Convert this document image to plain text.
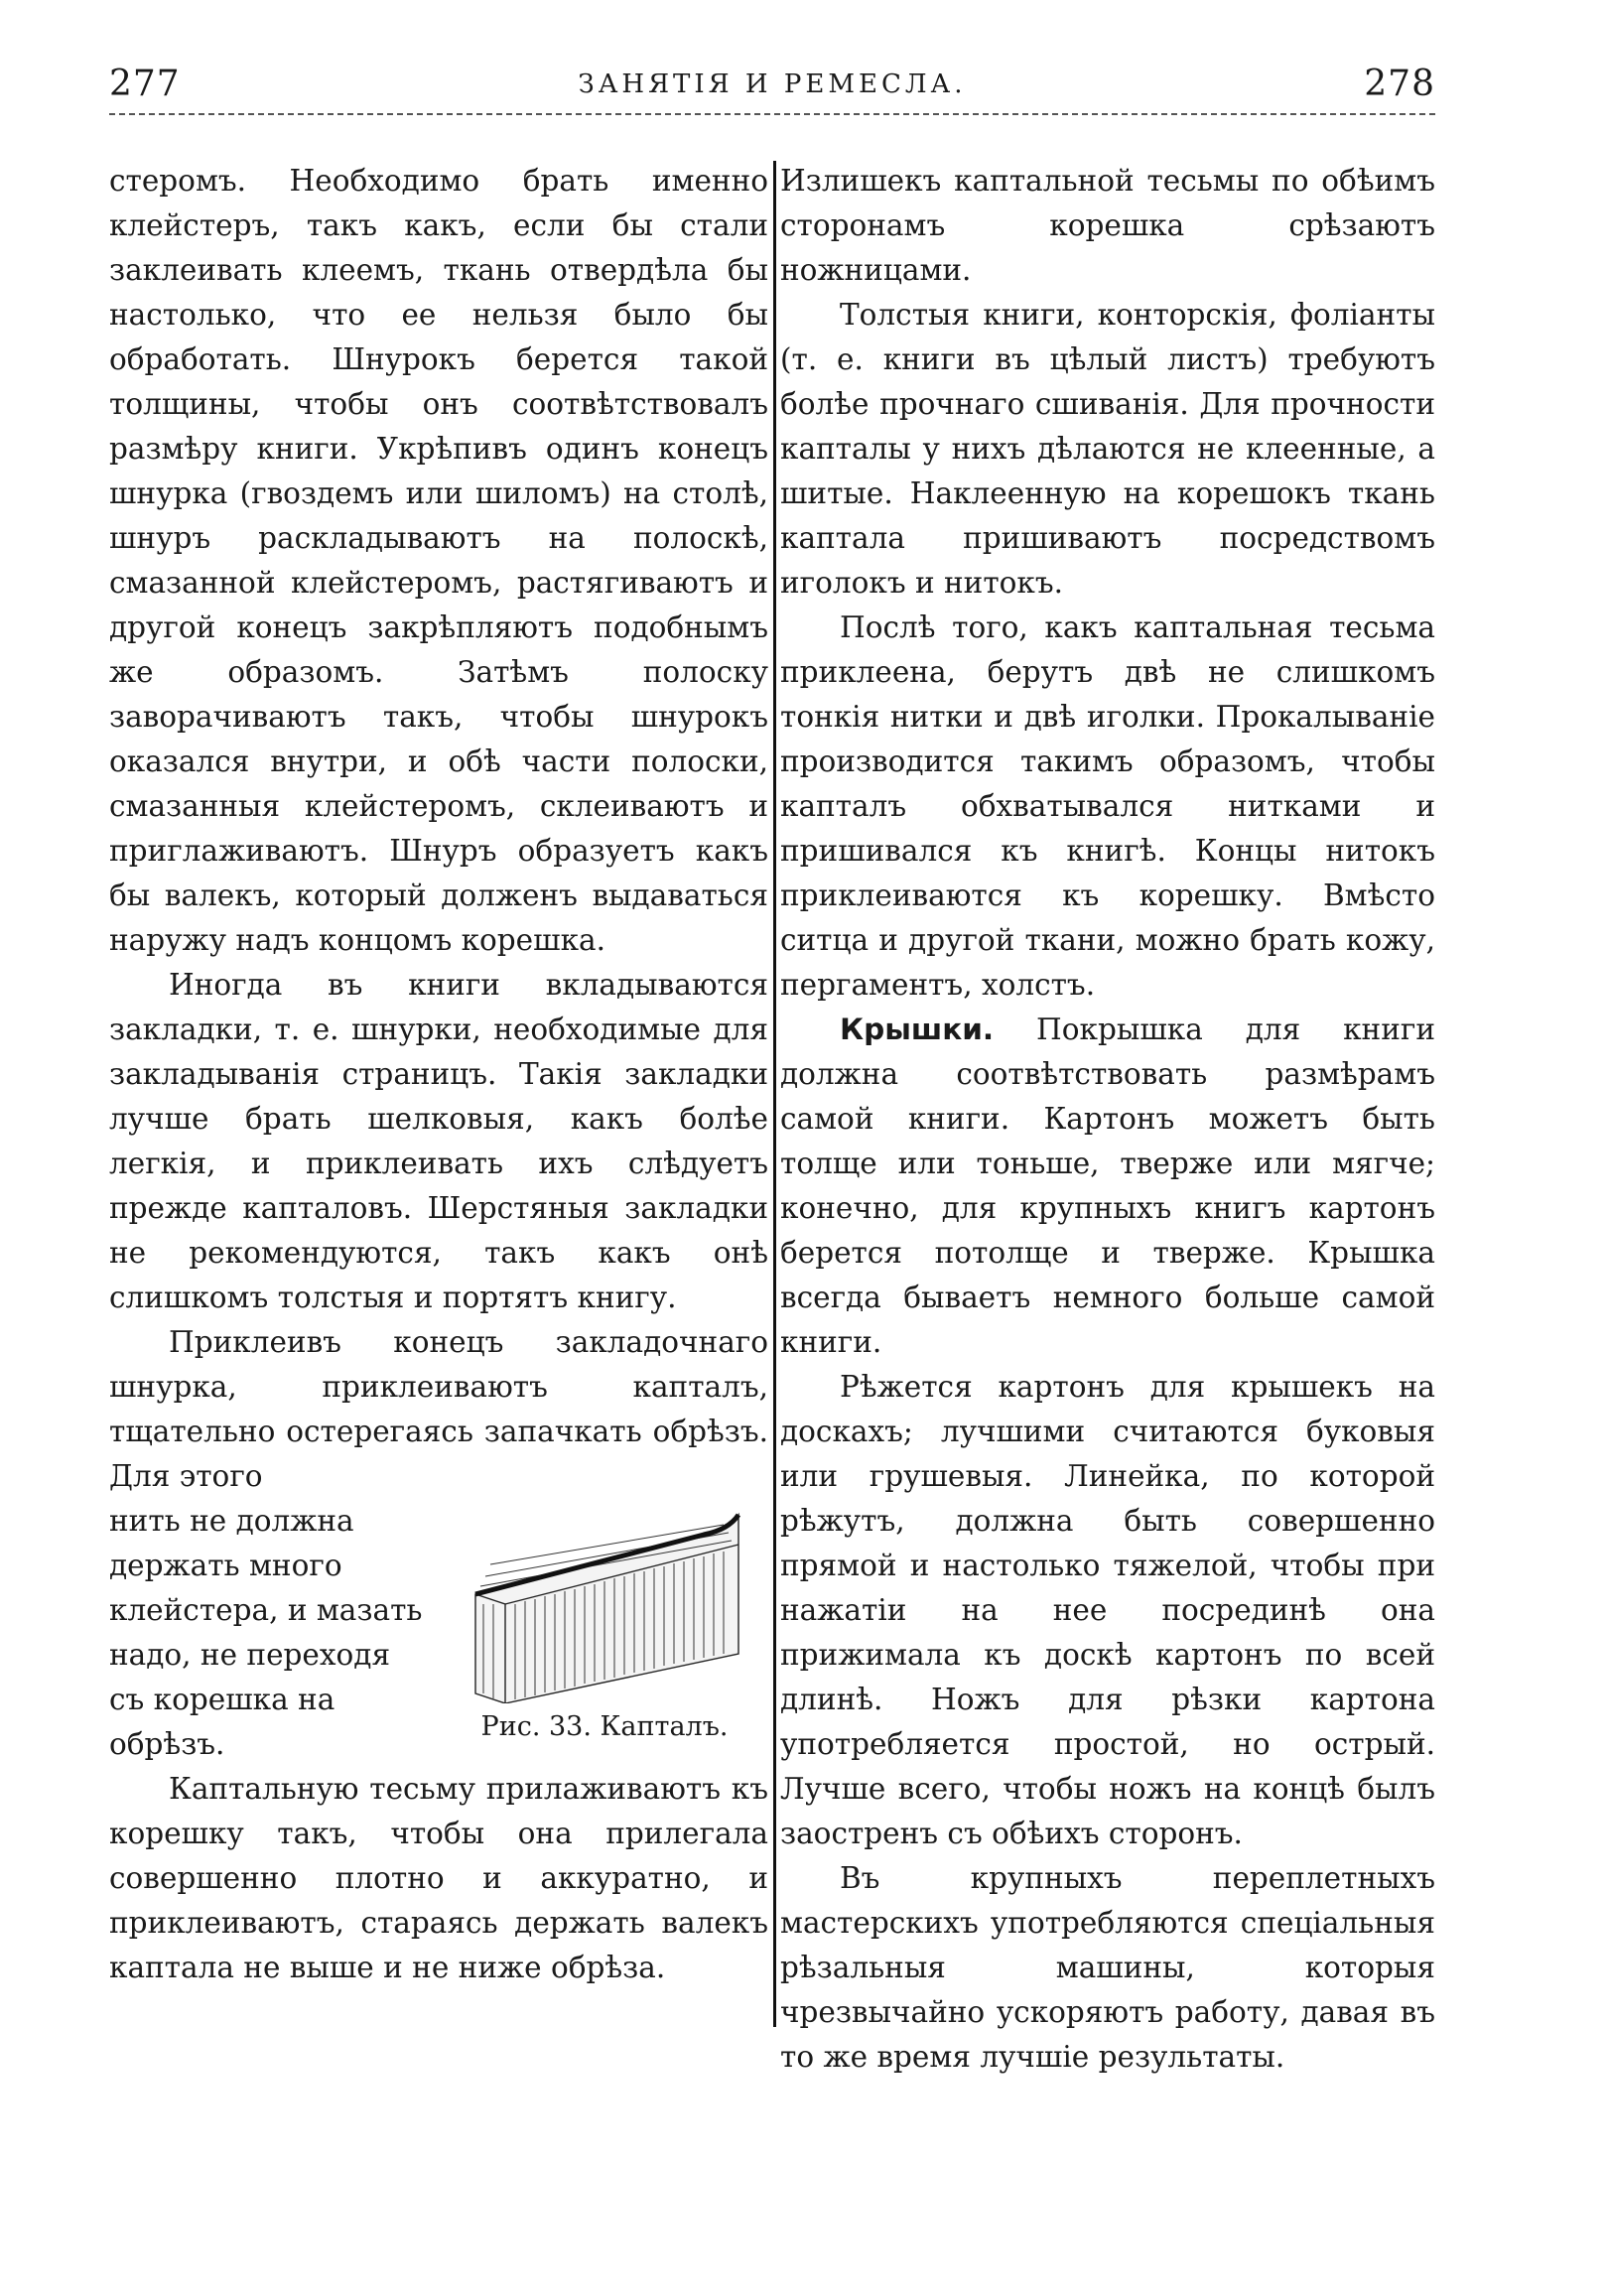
277	ЗАНЯТІЯ И РЕМЕСЛА.	278

стеромъ. Необходимо брать именно клейстеръ, такъ какъ, если бы стали заклеивать клеемъ, ткань отвердѣла бы настолько, что ее нельзя было бы обработать. Шнурокъ берется такой толщины, чтобы онъ соотвѣтствовалъ размѣру книги. Укрѣпивъ одинъ конецъ шнурка (гвоздемъ или шиломъ) на столѣ, шнуръ раскладываютъ на полоскѣ, смазанной клейстеромъ, растягиваютъ и другой конецъ закрѣпляютъ подобнымъ же образомъ. Затѣмъ полоску заворачиваютъ такъ, чтобы шнурокъ оказался внутри, и обѣ части полоски, смазанныя клейстеромъ, склеиваютъ и приглаживаютъ. Шнуръ образуетъ какъ бы валекъ, который долженъ выдаваться наружу надъ концомъ корешка.

Иногда въ книги вкладываются закладки, т. е. шнурки, необходимые для закладыванія страницъ. Такія закладки лучше брать шелковыя, какъ болѣе легкія, и приклеивать ихъ слѣдуетъ прежде капталовъ. Шерстяныя закладки не рекомендуются, такъ какъ онѣ слишкомъ толстыя и портятъ книгу.

Приклеивъ конецъ закладочнаго шнурка, приклеиваютъ капталъ, тщательно остерегаясь запачкать обрѣзъ. Для этого

Рис. 33. Капталъ.

нить не должна держать много клейстера, и мазать надо, не переходя съ корешка на обрѣзъ.

Каптальную тесьму прилаживаютъ къ корешку такъ, чтобы она прилегала совершенно плотно и аккуратно, и приклеиваютъ, стараясь держать валекъ каптала не выше и не ниже обрѣза.

Излишекъ каптальной тесьмы по обѣимъ сторонамъ корешка срѣзаютъ ножницами.

Толстыя книги, конторскія, фоліанты (т. е. книги въ цѣлый листъ) требуютъ болѣе прочнаго сшиванія. Для прочности капталы у нихъ дѣлаются не клеенные, а шитые. Наклеенную на корешокъ ткань каптала пришиваютъ посредствомъ иголокъ и нитокъ.

Послѣ того, какъ каптальная тесьма приклеена, берутъ двѣ не слишкомъ тонкія нитки и двѣ иголки. Прокалываніе производится такимъ образомъ, чтобы капталъ обхватывался нитками и пришивался къ книгѣ. Концы нитокъ приклеиваются къ корешку. Вмѣсто ситца и другой ткани, можно брать кожу, пергаментъ, холстъ.

Крышки. Покрышка для книги должна соотвѣтствовать размѣрамъ самой книги. Картонъ можетъ быть толще или тоньше, тверже или мягче; конечно, для крупныхъ книгъ картонъ берется потолще и тверже. Крышка всегда бываетъ немного больше самой книги.

Рѣжется картонъ для крышекъ на доскахъ; лучшими считаются буковыя или грушевыя. Линейка, по которой рѣжутъ, должна быть совершенно прямой и настолько тяжелой, чтобы при нажатіи на нее посрединѣ она прижимала къ доскѣ картонъ по всей длинѣ. Ножъ для рѣзки картона употребляется простой, но острый. Лучше всего, чтобы ножъ на концѣ былъ заостренъ съ обѣихъ сторонъ.

Въ крупныхъ переплетныхъ мастерскихъ употребляются спеціальныя рѣзальныя машины, которыя чрезвычайно ускоряютъ работу, давая въ то же время лучшіе результаты.
